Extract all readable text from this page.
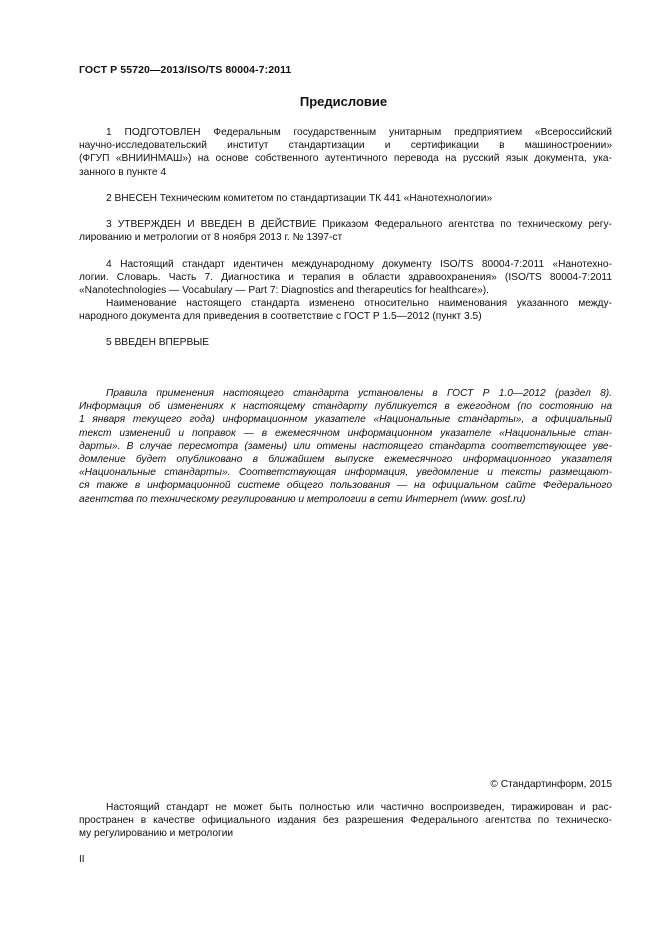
ГОСТ Р 55720—2013/ISO/TS 80004-7:2011
Предисловие
1 ПОДГОТОВЛЕН Федеральным государственным унитарным предприятием «Всероссийский
научно-исследовательский институт стандартизации и сертификации в машиностроении»
(ФГУП «ВНИИНМАШ») на основе собственного аутентичного перевода на русский язык документа, ука-
занного в пункте 4
2 ВНЕСЕН Техническим комитетом по стандартизации ТК 441 «Нанотехнологии»
3 УТВЕРЖДЕН И ВВЕДЕН В ДЕЙСТВИЕ Приказом Федерального агентства по техническому регу-
лированию и метрологии от 8 ноября 2013 г. № 1397-ст
4 Настоящий стандарт идентичен международному документу ISO/TS 80004-7:2011 «Нанотехно-
логии. Словарь. Часть 7. Диагностика и терапия в области здравоохранения» (ISO/TS 80004-7:2011
«Nanotechnologies — Vocabulary — Part 7: Diagnostics and therapeutics for healthcare»).
Наименование настоящего стандарта изменено относительно наименования указанного между-
народного документа для приведения в соответствие с ГОСТ Р 1.5—2012 (пункт 3.5)
5 ВВЕДЕН ВПЕРВЫЕ
Правила применения настоящего стандарта установлены в ГОСТ Р 1.0—2012 (раздел 8).
Информация об изменениях к настоящему стандарту публикуется в ежегодном (по состоянию на
1 января текущего года) информационном указателе «Национальные стандарты», а официальный
текст изменений и поправок — в ежемесячном информационном указателе «Национальные стан-
дарты». В случае пересмотра (замены) или отмены настоящего стандарта соответствующее уве-
домление будет опубликовано в ближайшем выпуске ежемесячного информационного указателя
«Национальные стандарты». Соответствующая информация, уведомление и тексты размещают-
ся также в информационной системе общего пользования — на официальном сайте Федерального
агентства по техническому регулированию и метрологии в сети Интернет (www. gost.ru)
© Стандартинформ, 2015
Настоящий стандарт не может быть полностью или частично воспроизведен, тиражирован и рас-
пространен в качестве официального издания без разрешения Федерального агентства по техническо-
му регулированию и метрологии
II
